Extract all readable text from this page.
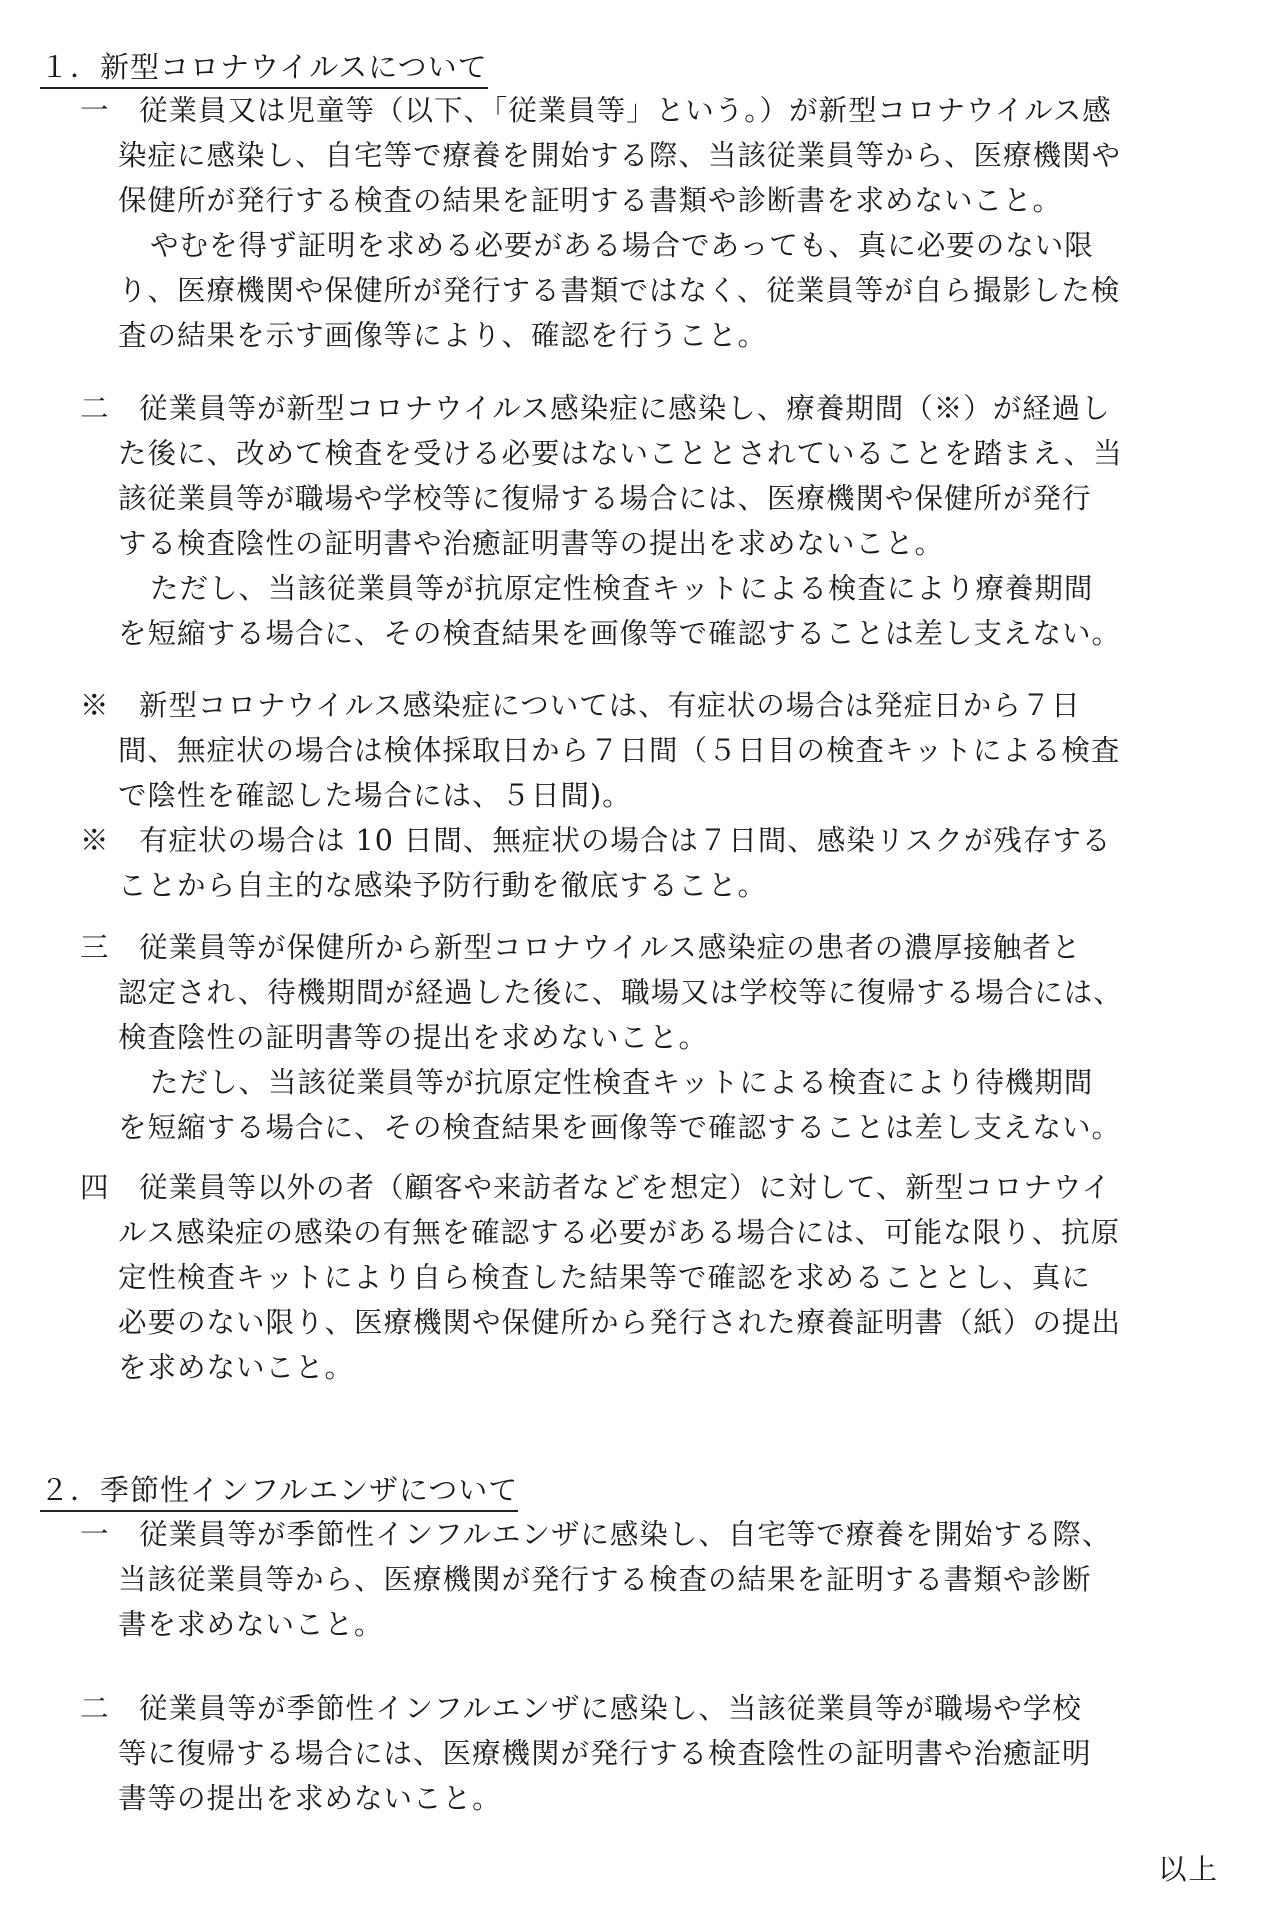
１．新型コロナウイルスについて
一　従業員又は児童等（以下、「従業員等」という。）が新型コロナウイルス感
染症に感染し、自宅等で療養を開始する際、当該従業員等から、医療機関や
保健所が発行する検査の結果を証明する書類や診断書を求めないこと。
やむを得ず証明を求める必要がある場合であっても、真に必要のない限
り、医療機関や保健所が発行する書類ではなく、従業員等が自ら撮影した検
査の結果を示す画像等により、確認を行うこと。
二　従業員等が新型コロナウイルス感染症に感染し、療養期間（※）が経過し
た後に、改めて検査を受ける必要はないこととされていることを踏まえ、当
該従業員等が職場や学校等に復帰する場合には、医療機関や保健所が発行
する検査陰性の証明書や治癒証明書等の提出を求めないこと。
ただし、当該従業員等が抗原定性検査キットによる検査により療養期間
を短縮する場合に、その検査結果を画像等で確認することは差し支えない。
※　新型コロナウイルス感染症については、有症状の場合は発症日から７日
間、無症状の場合は検体採取日から７日間（５日目の検査キットによる検査
で陰性を確認した場合には、５日間)。
※　有症状の場合は 10 日間、無症状の場合は７日間、感染リスクが残存する
ことから自主的な感染予防行動を徹底すること。
三　従業員等が保健所から新型コロナウイルス感染症の患者の濃厚接触者と
認定され、待機期間が経過した後に、職場又は学校等に復帰する場合には、
検査陰性の証明書等の提出を求めないこと。
ただし、当該従業員等が抗原定性検査キットによる検査により待機期間
を短縮する場合に、その検査結果を画像等で確認することは差し支えない。
四　従業員等以外の者（顧客や来訪者などを想定）に対して、新型コロナウイ
ルス感染症の感染の有無を確認する必要がある場合には、可能な限り、抗原
定性検査キットにより自ら検査した結果等で確認を求めることとし、真に
必要のない限り、医療機関や保健所から発行された療養証明書（紙）の提出
を求めないこと。
２．季節性インフルエンザについて
一　従業員等が季節性インフルエンザに感染し、自宅等で療養を開始する際、
当該従業員等から、医療機関が発行する検査の結果を証明する書類や診断
書を求めないこと。
二　従業員等が季節性インフルエンザに感染し、当該従業員等が職場や学校
等に復帰する場合には、医療機関が発行する検査陰性の証明書や治癒証明
書等の提出を求めないこと。
以上
